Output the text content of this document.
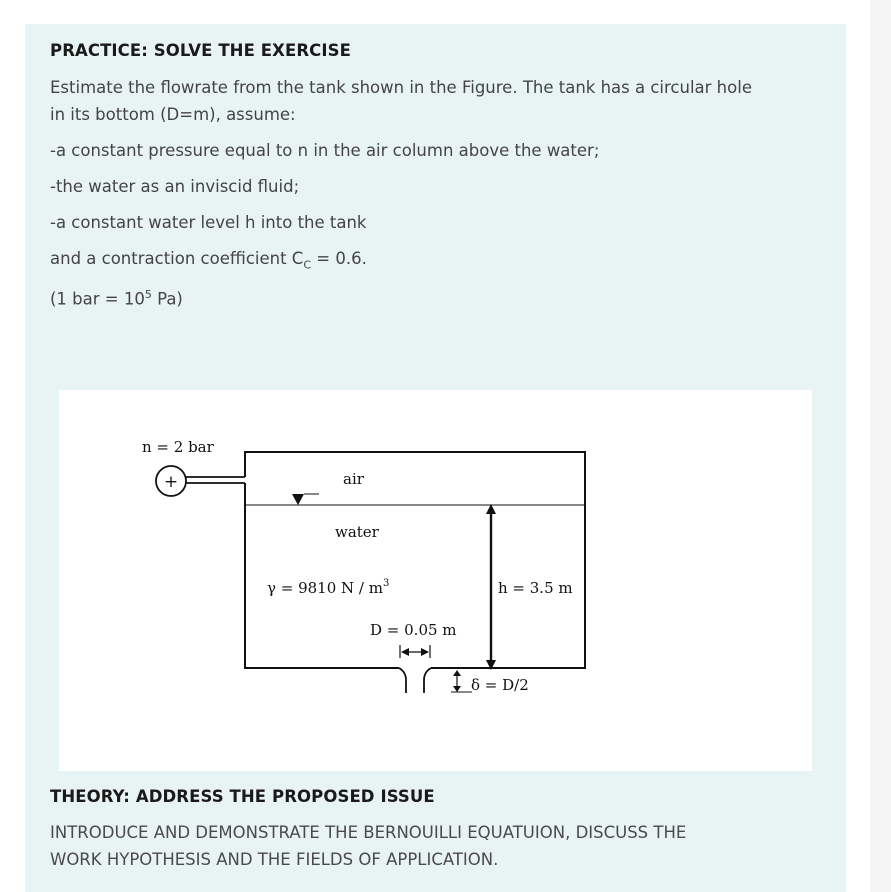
PRACTICE: SOLVE THE EXERCISE
Estimate the flowrate from the tank shown in the Figure. The tank has a circular hole
in its bottom (D=m), assume:
-a constant pressure equal to n in the air column above the water;
-the water as an inviscid fluid;
-a constant water level h into the tank
and a contraction coefficient $C_C = 0.6$.
(1 bar = $10^5$ Pa)
n = 2 bar
+	air
water
γ = 9810 N / $m^3$	h = 3.5 m
D = 0.05 m
δ = D/2
THEORY: ADDRESS THE PROPOSED ISSUE
INTRODUCE AND DEMONSTRATE THE BERNOUILLI EQUATUION, DISCUSS THE
WORK HYPOTHESIS AND THE FIELDS OF APPLICATION.
